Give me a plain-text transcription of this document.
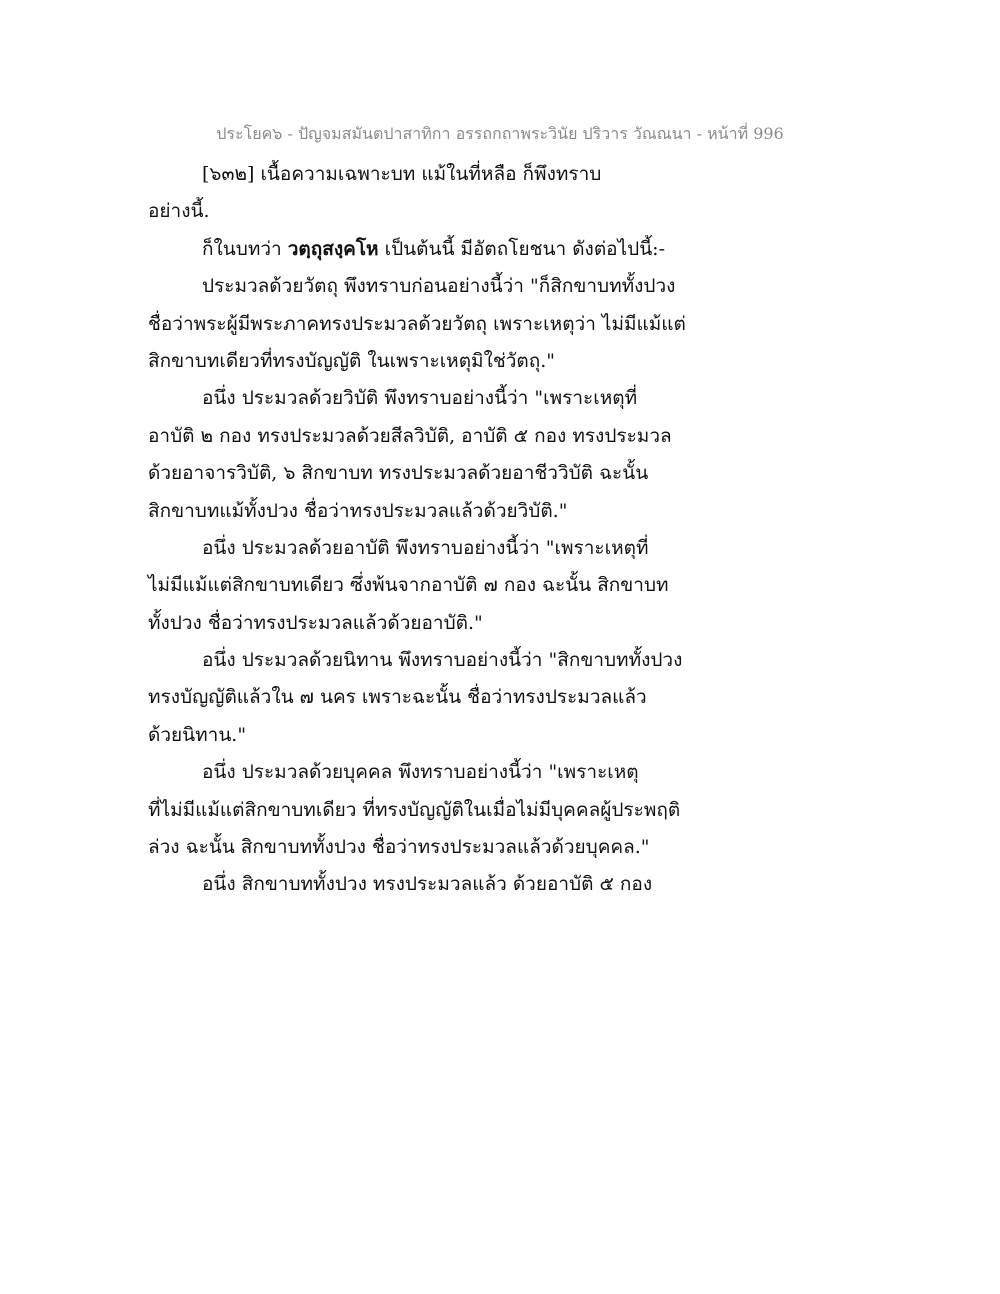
ประโยค๖ - ปัญจมสมันตปาสาทิกา อรรถกถาพระวินัย ปริวาร วัณณนา - หน้าที่ 996
[๖๓๒] เนื้อความเฉพาะบท แม้ในที่หลือ ก็พึงทราบ
อย่างนี้.
ก็ในบทว่า วตฺถุสงฺคโห เป็นต้นนี้ มีอัตถโยชนา ดังต่อไปนี้:-
ประมวลด้วยวัตถุ พึงทราบก่อนอย่างนี้ว่า "ก็สิกขาบททั้งปวง
ชื่อว่าพระผู้มีพระภาคทรงประมวลด้วยวัตถุ เพราะเหตุว่า ไม่มีแม้แต่
สิกขาบทเดียวที่ทรงบัญญัติ ในเพราะเหตุมิใช่วัตถุ."
อนึ่ง ประมวลด้วยวิบัติ พึงทราบอย่างนี้ว่า "เพราะเหตุที่
อาบัติ ๒ กอง ทรงประมวลด้วยสีลวิบัติ, อาบัติ ๕ กอง ทรงประมวล
ด้วยอาจารวิบัติ, ๖ สิกขาบท ทรงประมวลด้วยอาชีววิบัติ ฉะนั้น
สิกขาบทแม้ทั้งปวง ชื่อว่าทรงประมวลแล้วด้วยวิบัติ."
อนึ่ง ประมวลด้วยอาบัติ พึงทราบอย่างนี้ว่า "เพราะเหตุที่
ไม่มีแม้แต่สิกขาบทเดียว ซึ่งพ้นจากอาบัติ ๗ กอง ฉะนั้น สิกขาบท
ทั้งปวง ชื่อว่าทรงประมวลแล้วด้วยอาบัติ."
อนึ่ง ประมวลด้วยนิทาน พึงทราบอย่างนี้ว่า "สิกขาบททั้งปวง
ทรงบัญญัติแล้วใน ๗ นคร เพราะฉะนั้น ชื่อว่าทรงประมวลแล้ว
ด้วยนิทาน."
อนึ่ง ประมวลด้วยบุคคล พึงทราบอย่างนี้ว่า "เพราะเหตุ
ที่ไม่มีแม้แต่สิกขาบทเดียว ที่ทรงบัญญัติในเมื่อไม่มีบุคคลผู้ประพฤติ
ล่วง ฉะนั้น สิกขาบททั้งปวง ชื่อว่าทรงประมวลแล้วด้วยบุคคล."
อนึ่ง สิกขาบททั้งปวง ทรงประมวลแล้ว ด้วยอาบัติ ๕ กอง
